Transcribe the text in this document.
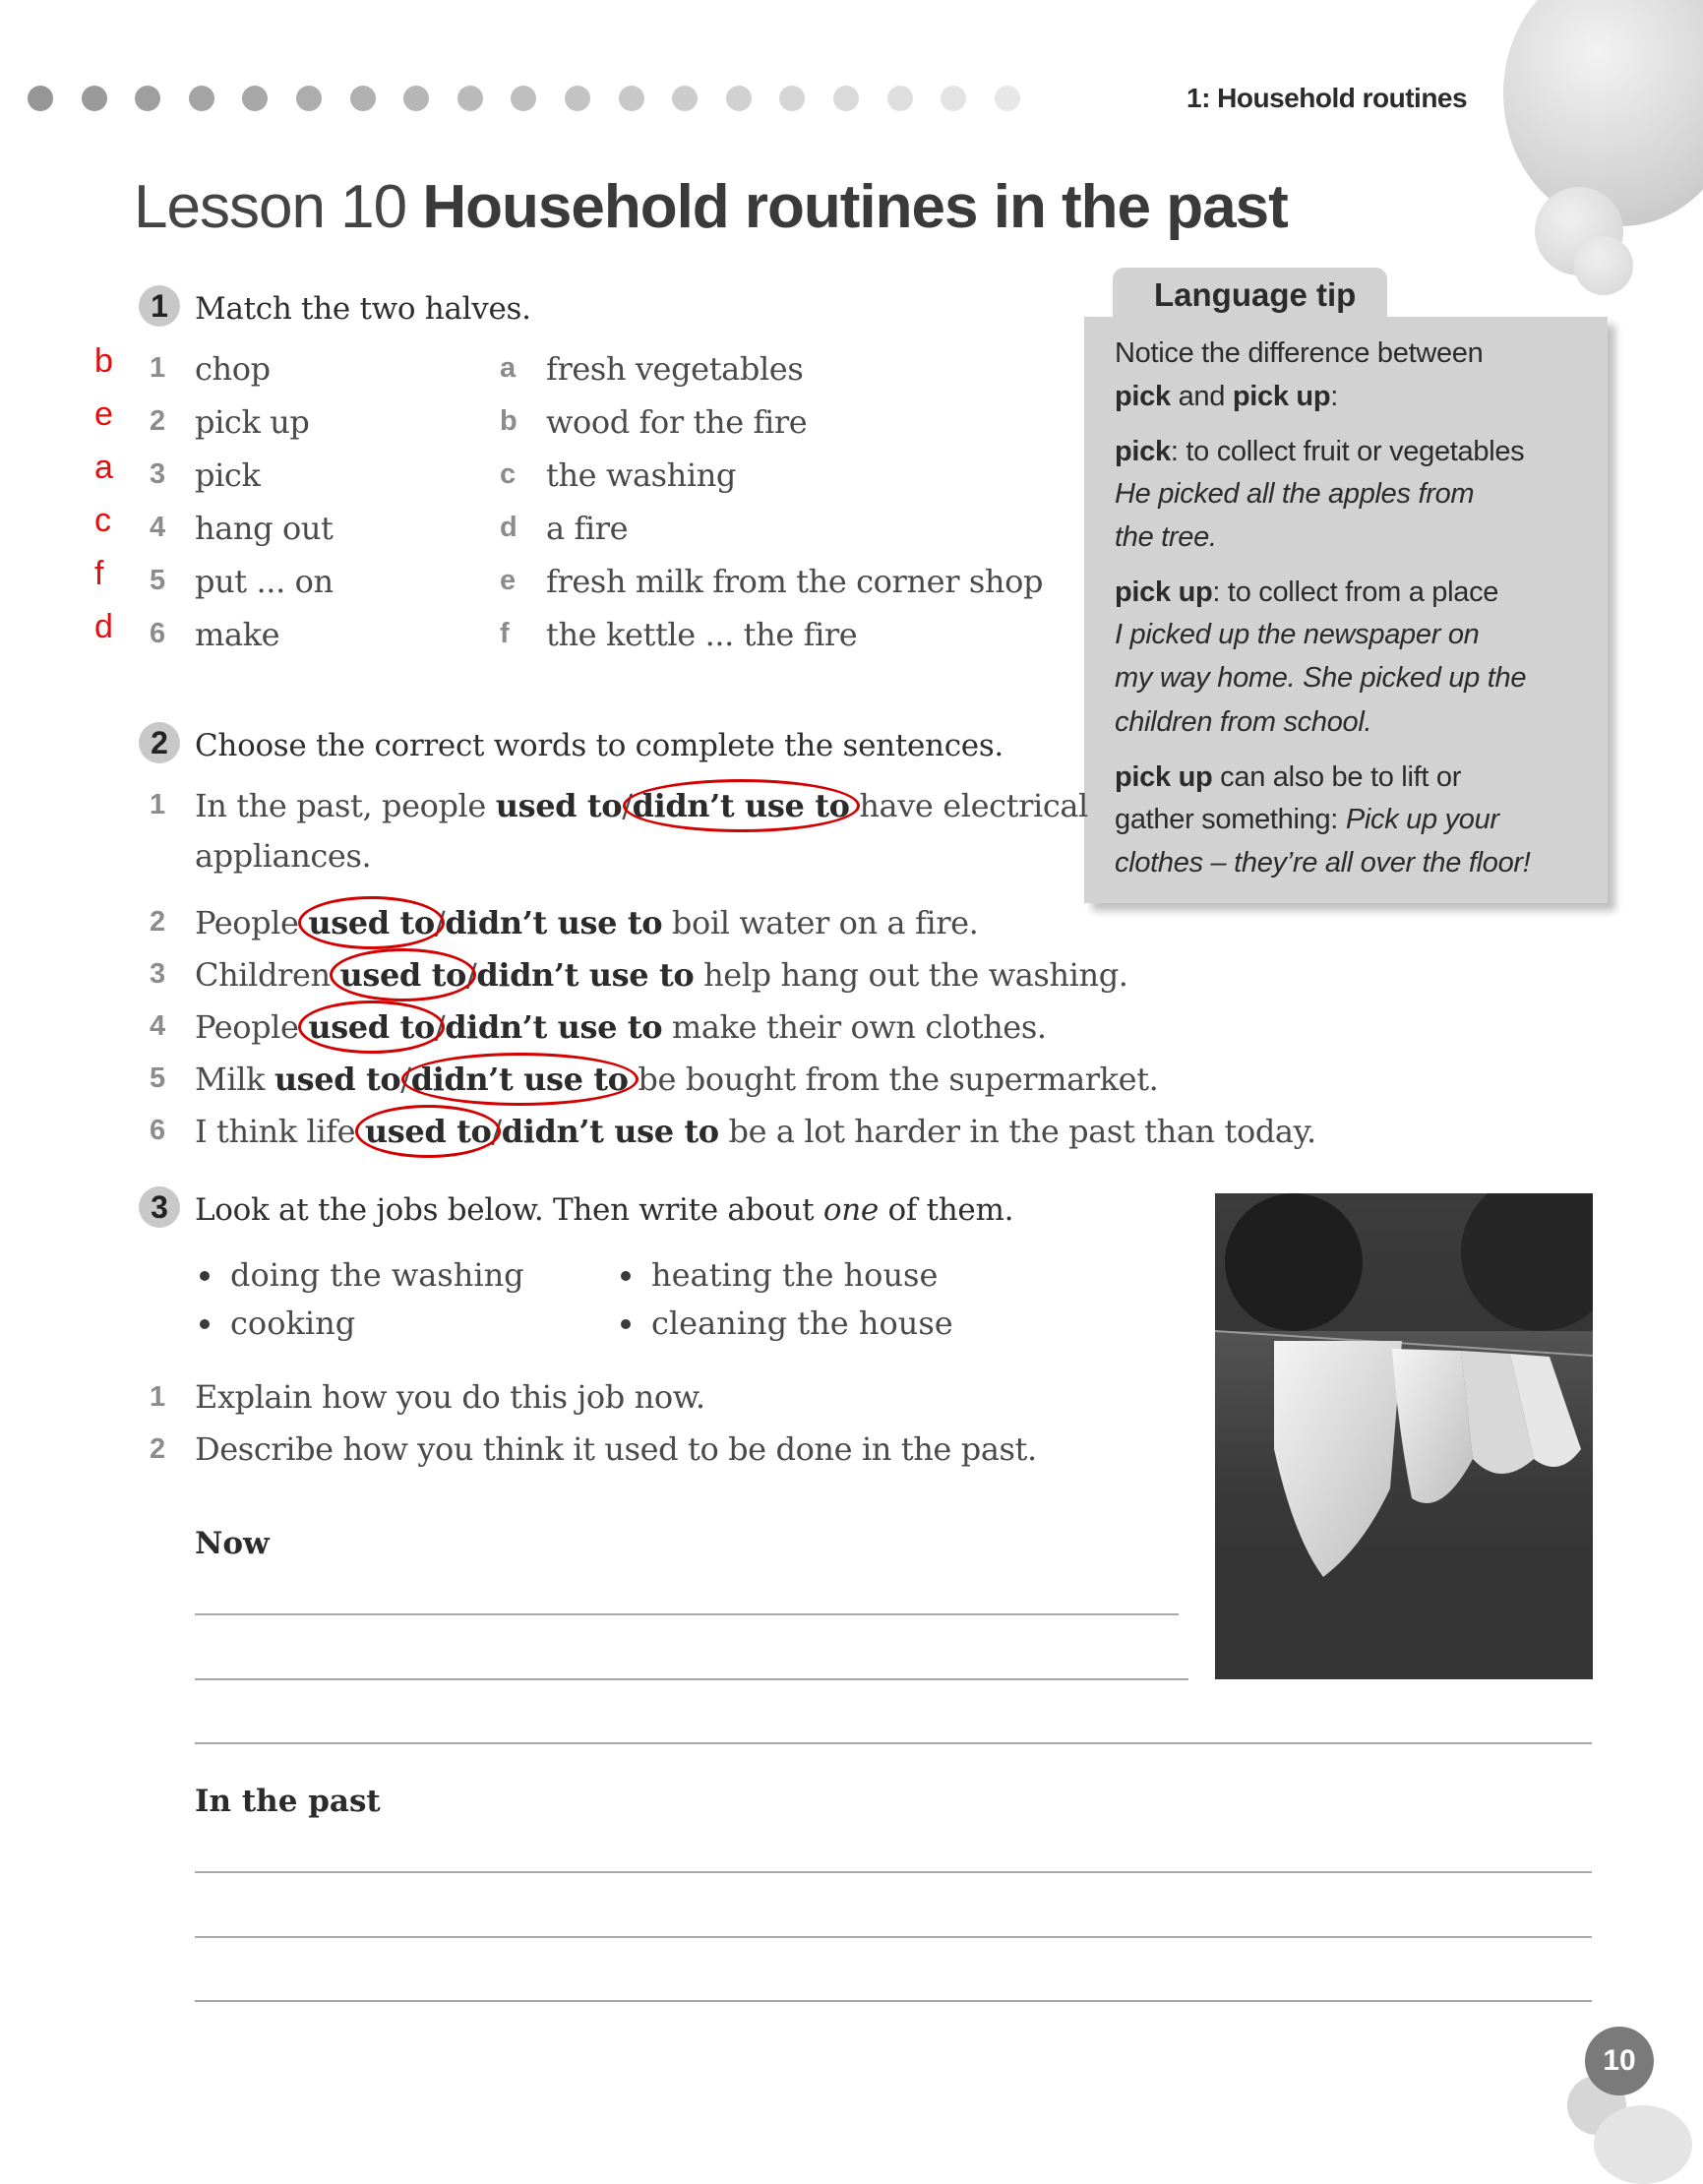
1: Household routines
Lesson 10 Household routines in the past
1 Match the two halves.
b 1 chop
e 2 pick up
a 3 pick
c 4 hang out
f 5 put ... on
d 6 make
a fresh vegetables
b wood for the fire
c the washing
d a fire
e fresh milk from the corner shop
f the kettle ... the fire
Language tip
Notice the difference between
pick and pick up:
pick: to collect fruit or vegetables
He picked all the apples from
the tree.
pick up: to collect from a place
I picked up the newspaper on
my way home. She picked up the
children from school.
pick up can also be to lift or
gather something: Pick up your
clothes – they’re all over the floor!
2 Choose the correct words to complete the sentences.
1 In the past, people used to/didn’t use to have electrical
appliances.
2 People used to/didn’t use to boil water on a fire.
3 Children used to/didn’t use to help hang out the washing.
4 People used to/didn’t use to make their own clothes.
5 Milk used to/didn’t use to be bought from the supermarket.
6 I think life used to/didn’t use to be a lot harder in the past than today.
3 Look at the jobs below. Then write about one of them.
doing the washing	heating the house
cooking	cleaning the house
1 Explain how you do this job now.
2 Describe how you think it used to be done in the past.
Now
In the past
10
